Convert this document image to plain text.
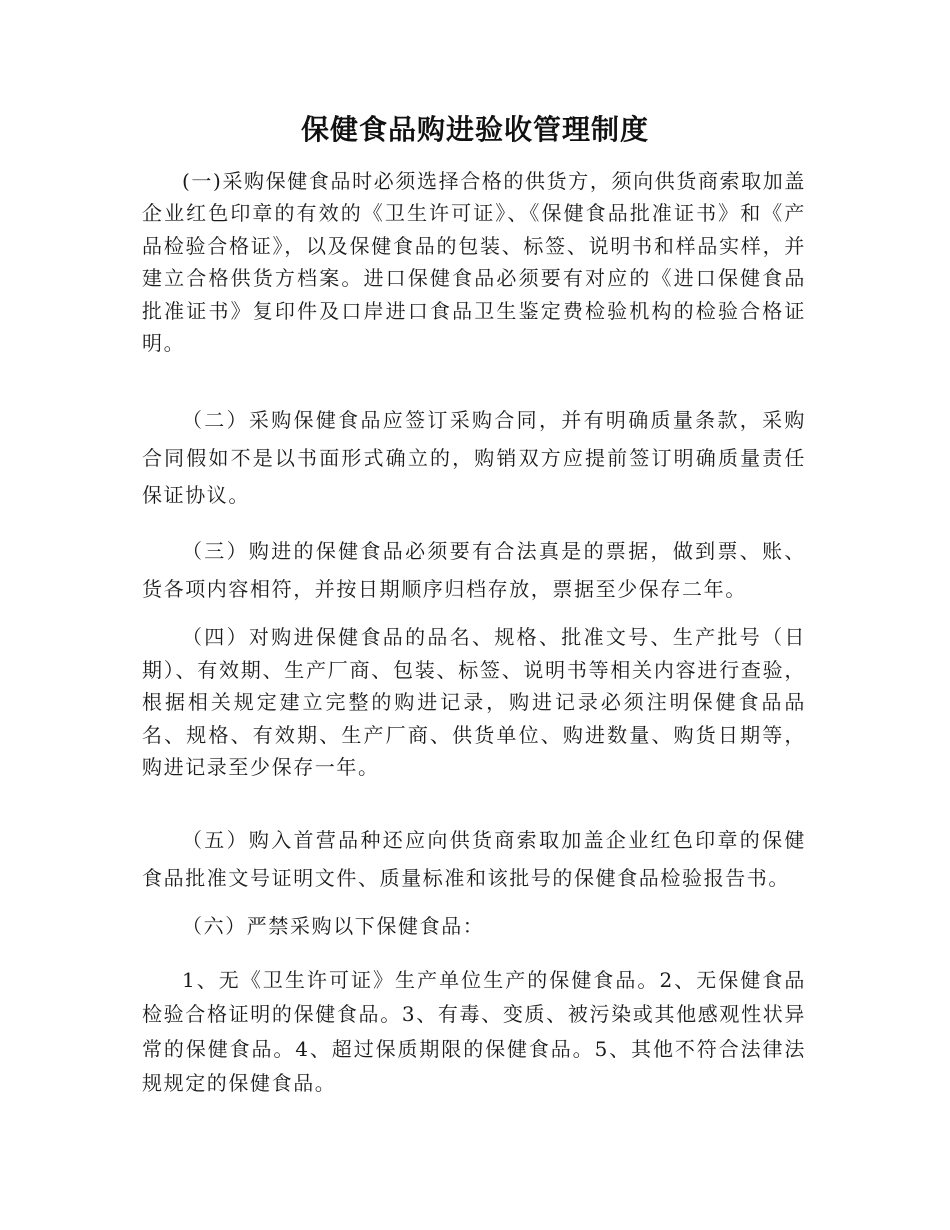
保健食品购进验收管理制度

(一)采购保健食品时必须选择合格的供货方，须向供货商索取加盖企业红色印章的有效的《卫生许可证》、《保健食品批准证书》和《产品检验合格证》，以及保健食品的包装、标签、说明书和样品实样，并建立合格供货方档案。进口保健食品必须要有对应的《进口保健食品批准证书》复印件及口岸进口食品卫生鉴定费检验机构的检验合格证明。

（二）采购保健食品应签订采购合同，并有明确质量条款，采购合同假如不是以书面形式确立的，购销双方应提前签订明确质量责任保证协议。

（三）购进的保健食品必须要有合法真是的票据，做到票、账、货各项内容相符，并按日期顺序归档存放，票据至少保存二年。

（四）对购进保健食品的品名、规格、批准文号、生产批号（日期）、有效期、生产厂商、包装、标签、说明书等相关内容进行查验，根据相关规定建立完整的购进记录，购进记录必须注明保健食品品名、规格、有效期、生产厂商、供货单位、购进数量、购货日期等，购进记录至少保存一年。

（五）购入首营品种还应向供货商索取加盖企业红色印章的保健食品批准文号证明文件、质量标准和该批号的保健食品检验报告书。

（六）严禁采购以下保健食品：

1、无《卫生许可证》生产单位生产的保健食品。2、无保健食品检验合格证明的保健食品。3、有毒、变质、被污染或其他感观性状异常的保健食品。4、超过保质期限的保健食品。5、其他不符合法律法规规定的保健食品。
